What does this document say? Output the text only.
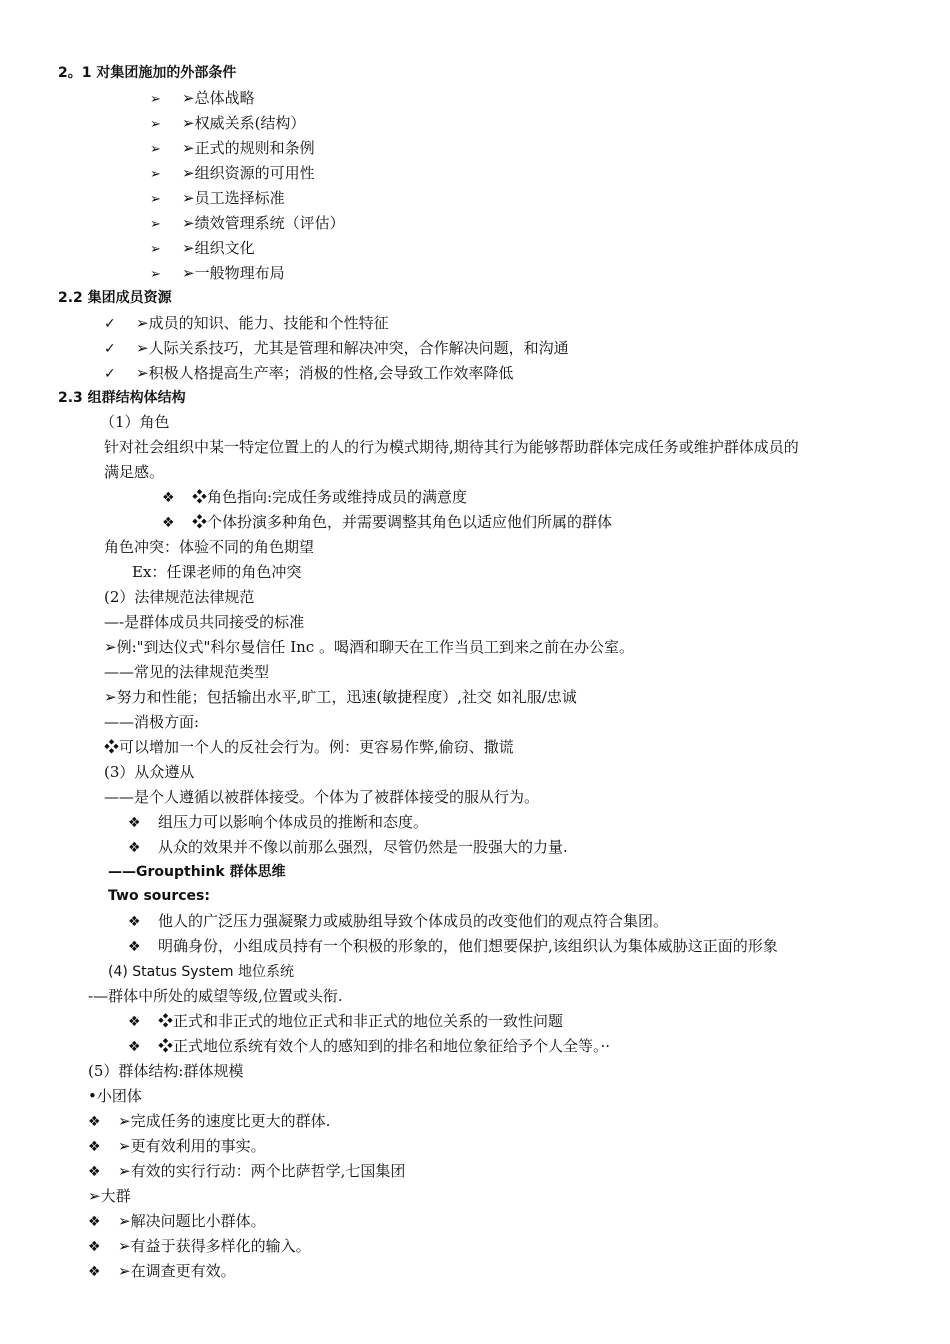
2。1 对集团施加的外部条件
➢ ➢总体战略
➢ ➢权威关系(结构）
➢ ➢正式的规则和条例
➢ ➢组织资源的可用性
➢ ➢员工选择标准
➢ ➢绩效管理系统（评估）
➢ ➢组织文化
➢ ➢一般物理布局
2.2 集团成员资源
✓ ➢成员的知识、能力、技能和个性特征
✓ ➢人际关系技巧，尤其是管理和解决冲突，合作解决问题，和沟通
✓ ➢积极人格提高生产率；消极的性格,会导致工作效率降低
2.3 组群结构体结构
（1）角色
针对社会组织中某一特定位置上的人的行为模式期待,期待其行为能够帮助群体完成任务或维护群体成员的
满足感。
❖ ❖角色指向:完成任务或维持成员的满意度
❖ ❖个体扮演多种角色，并需要调整其角色以适应他们所属的群体
角色冲突：体验不同的角色期望
Ex：任课老师的角色冲突
(2）法律规范法律规范
—-是群体成员共同接受的标准
➢例:"到达仪式"科尔曼信任 Inc 。喝酒和聊天在工作当员工到来之前在办公室。
——常见的法律规范类型
➢努力和性能；包括输出水平,旷工，迅速(敏捷程度）,社交 如礼服/忠诚
——消极方面:
❖可以增加一个人的反社会行为。例：更容易作弊,偷窃、撒谎
(3）从众遵从
——是个人遵循以被群体接受。个体为了被群体接受的服从行为。
❖ 组压力可以影响个体成员的推断和态度。
❖ 从众的效果并不像以前那么强烈，尽管仍然是一股强大的力量.
——Groupthink 群体思维
Two sources:
❖ 他人的广泛压力强凝聚力或威胁组导致个体成员的改变他们的观点符合集团。
❖ 明确身份，小组成员持有一个积极的形象的，他们想要保护,该组织认为集体威胁这正面的形象
(4) Status System 地位系统
-—群体中所处的威望等级,位置或头衔.
❖ ❖正式和非正式的地位正式和非正式的地位关系的一致性问题
❖ ❖正式地位系统有效个人的感知到的排名和地位象征给予个人全等。··
(5）群体结构:群体规模
•小团体
❖ ➢完成任务的速度比更大的群体.
❖ ➢更有效利用的事实。
❖ ➢有效的实行行动：两个比萨哲学,七国集团
➢大群
❖ ➢解决问题比小群体。
❖ ➢有益于获得多样化的输入。
❖ ➢在调查更有效。
